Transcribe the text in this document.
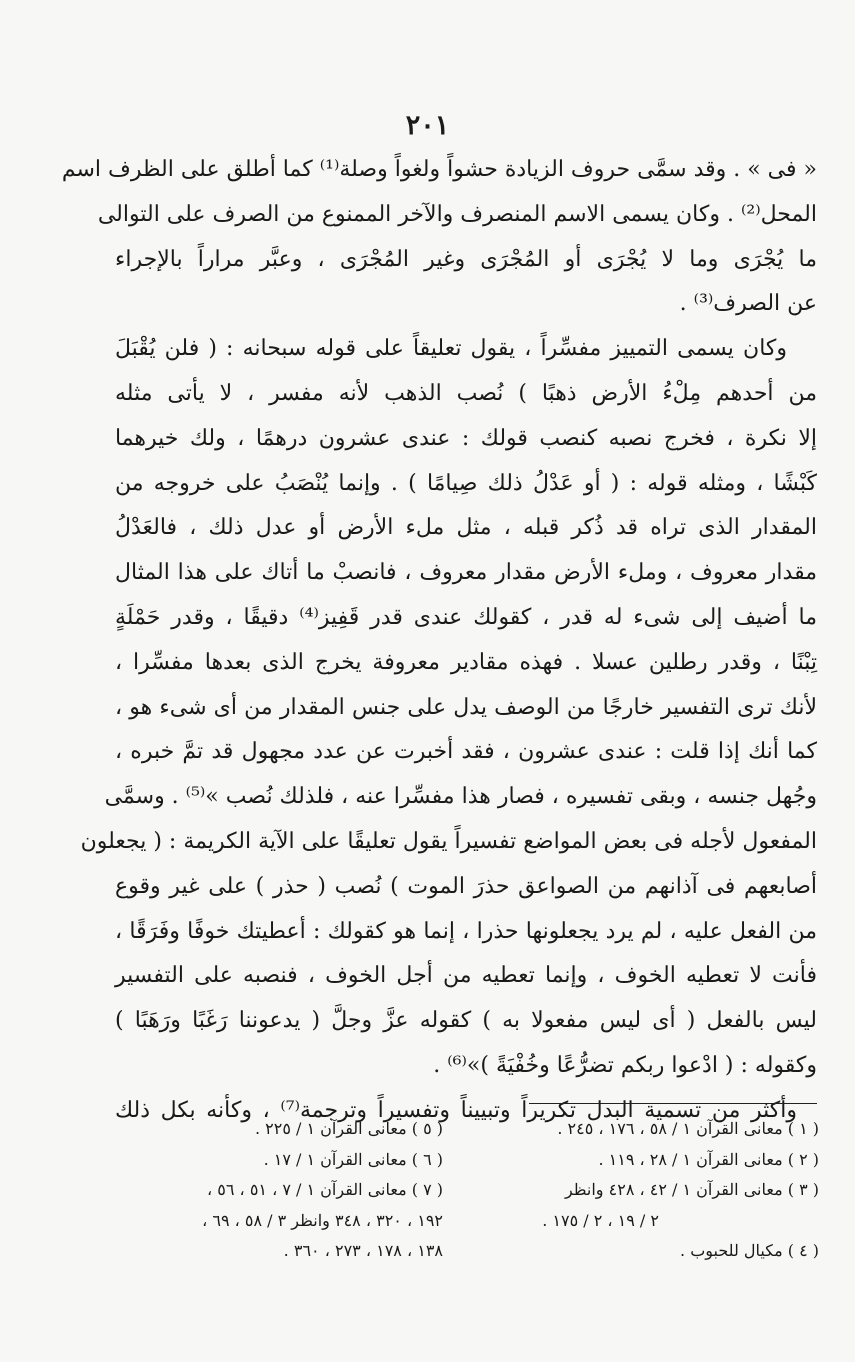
٢٠١
« فى » . وقد سمَّى حروف الزيادة حشواً ولغواً وصلة⁽¹⁾ كما أطلق على الظرف اسم
المحل⁽²⁾ . وكان يسمى الاسم المنصرف والآخر الممنوع من الصرف على التوالى
ما يُجْرَى وما لا يُجْرَى أو المُجْرَى وغير المُجْرَى ، وعبَّر مراراً بالإجراء
عن الصرف⁽³⁾ .
وكان يسمى التمييز مفسِّراً ، يقول تعليقاً على قوله سبحانه : ( فلن يُقْبَلَ
من أحدهم مِلْءُ الأرض ذهبًا ) نُصب الذهب لأنه مفسر ، لا يأتى مثله
إلا نكرة ، فخرج نصبه كنصب قولك : عندى عشرون درهمًا ، ولك خيرهما
كَبْشًا ، ومثله قوله : ( أو عَدْلُ ذلك صِيامًا ) . وإنما يُنْصَبُ على خروجه من
المقدار الذى تراه قد ذُكر قبله ، مثل ملء الأرض أو عدل ذلك ، فالعَدْلُ
مقدار معروف ، وملء الأرض مقدار معروف ، فانصبْ ما أتاك على هذا المثال
ما أضيف إلى شىء له قدر ، كقولك عندى قدر قَفِيز⁽⁴⁾ دقيقًا ، وقدر حَمْلَةٍ
تِبْنًا ، وقدر رطلين عسلا . فهذه مقادير معروفة يخرج الذى بعدها مفسِّرا ،
لأنك ترى التفسير خارجًا من الوصف يدل على جنس المقدار من أى شىء هو ،
كما أنك إذا قلت : عندى عشرون ، فقد أخبرت عن عدد مجهول قد تمَّ خبره ،
وجُهل جنسه ، وبقى تفسيره ، فصار هذا مفسِّرا عنه ، فلذلك نُصب »⁽⁵⁾ . وسمَّى
المفعول لأجله فى بعض المواضع تفسيراً يقول تعليقًا على الآية الكريمة : ( يجعلون
أصابعهم فى آذانهم من الصواعق حذرَ الموت ) نُصب ( حذر ) على غير وقوع
من الفعل عليه ، لم يرد يجعلونها حذرا ، إنما هو كقولك : أعطيتك خوفًا وفَرَقًا ،
فأنت لا تعطيه الخوف ، وإنما تعطيه من أجل الخوف ، فنصبه على التفسير
ليس بالفعل ( أى ليس مفعولا به ) كقوله عزَّ وجلَّ ( يدعوننا رَغَبًا ورَهَبًا )
وكقوله : ( ادْعوا ربكم تضرُّعًا وخُفْيَةً )»⁽⁶⁾ .
وأكثر من تسمية البدل تكريراً وتبييناً وتفسيراً وترجمة⁽⁷⁾ ، وكأنه بكل ذلك
( ١ ) معانى القرآن ١ / ٥٨ ، ١٧٦ ، ٢٤٥ .
( ٢ ) معانى القرآن ١ / ٢٨ ، ١١٩ .
( ٣ ) معانى القرآن ١ / ٤٢ ، ٤٢٨ وانظر
٢ / ١٩ ، ٢ / ١٧٥ .
( ٤ ) مكيال للحبوب .
( ٥ ) معانى القرآن ١ / ٢٢٥ .
( ٦ ) معانى القرآن ١ / ١٧ .
( ٧ ) معانى القرآن ١ / ٧ ، ٥١ ، ٥٦ ،
١٩٢ ، ٣٢٠ ، ٣٤٨ وانظر ٣ / ٥٨ ، ٦٩ ،
١٣٨ ، ١٧٨ ، ٢٧٣ ، ٣٦٠ .
